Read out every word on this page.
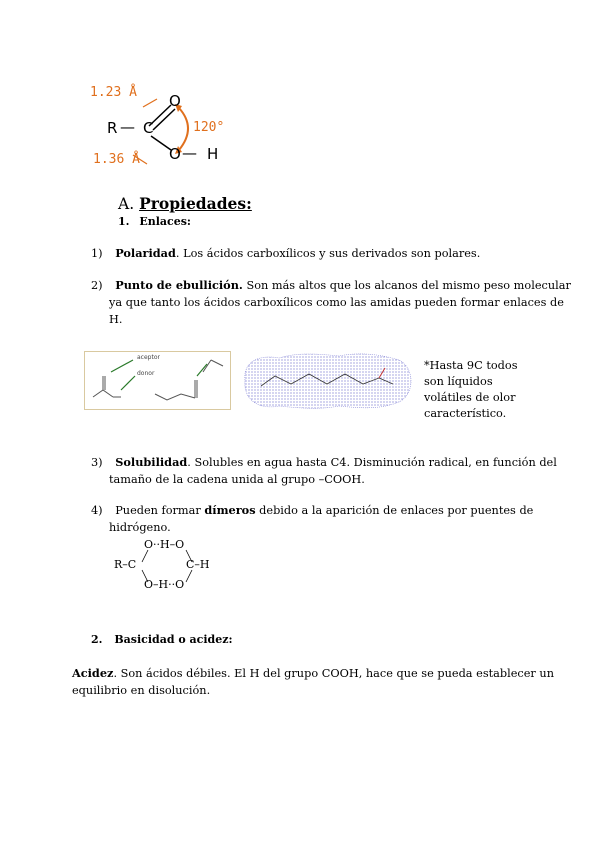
1.23 Å
1.36 Å
120°
R — C
O
O — H
A. Propiedades:
1. Enlaces:
1) Polaridad. Los ácidos carboxílicos y sus derivados son polares.
2) Punto de ebullición. Son más altos que los alcanos del mismo peso molecular
ya que tanto los ácidos carboxílicos como las amidas pueden formar enlaces de
H.
aceptor
donor
*Hasta 9C todos
son líquidos
volátiles de olor
característico.
3) Solubilidad. Solubles en agua hasta C4. Disminución radical, en función del
tamaño de la cadena unida al grupo –COOH.
4) Pueden formar dímeros debido a la aparición de enlaces por puentes de
hidrógeno.
O··H–O
O–H··O
R–C	C–H
2. Basicidad o acidez:
Acidez. Son ácidos débiles. El H del grupo COOH, hace que se pueda establecer un
equilibrio en disolución.
